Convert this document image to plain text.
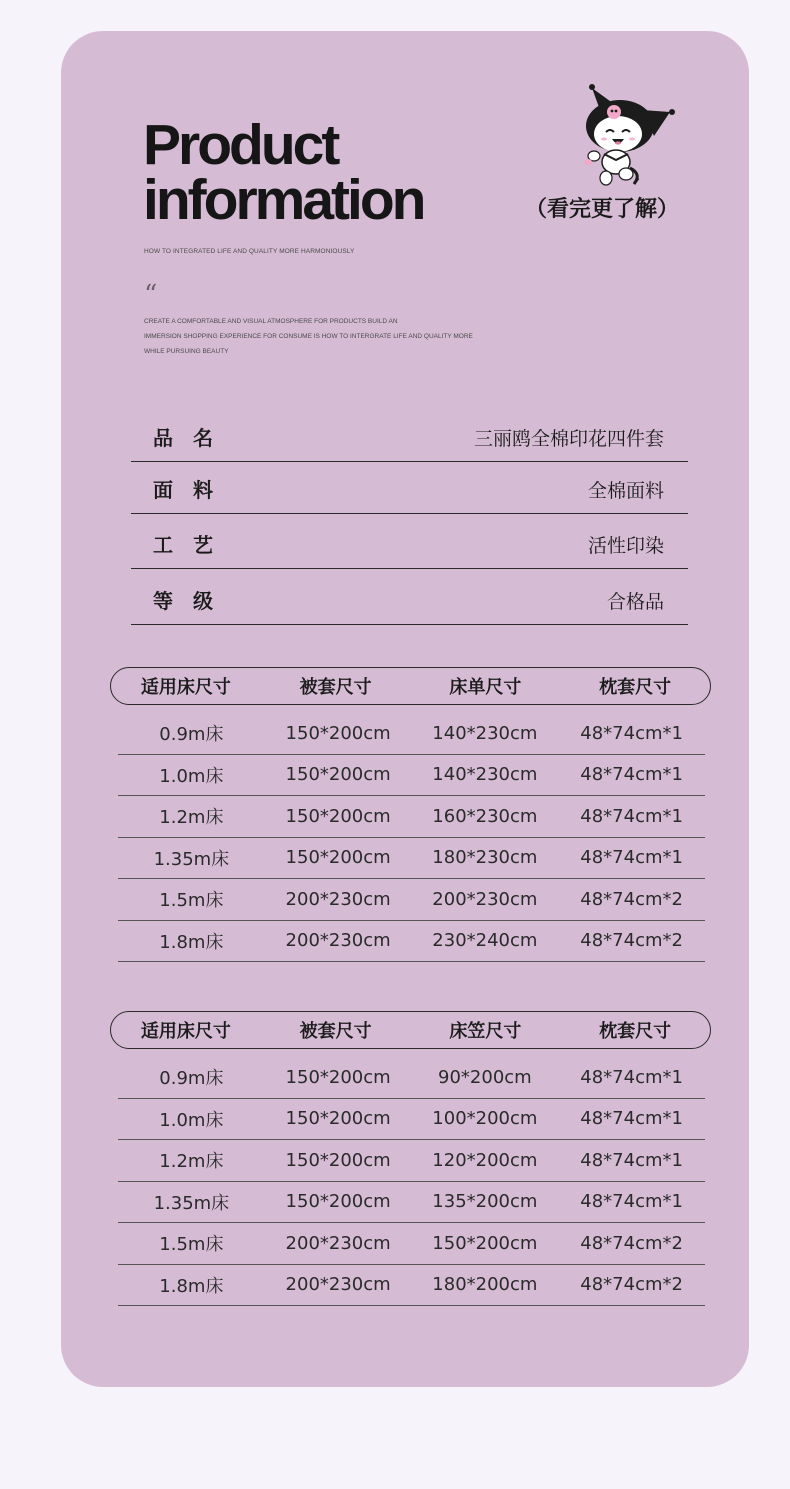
Product
information
HOW TO INTEGRATED LIFE AND QUALITY MORE HARMONIOUSLY
“
CREATE A COMFORTABLE AND VISUAL ATMOSPHERE FOR PRODUCTS BUILD AN
IMMERSION SHOPPING EXPERIENCE FOR CONSUME IS HOW TO INTERGRATE LIFE AND QUALITY MORE
WHILE PURSUING BEAUTY
（看完更了解）
品名	三丽鸥全棉印花四件套
面料	全棉面料
工艺	活性印染
等级	合格品
适用床尺寸	被套尺寸	床单尺寸	枕套尺寸
0.9m床	150*200cm	140*230cm	48*74cm*1
1.0m床	150*200cm	140*230cm	48*74cm*1
1.2m床	150*200cm	160*230cm	48*74cm*1
1.35m床	150*200cm	180*230cm	48*74cm*1
1.5m床	200*230cm	200*230cm	48*74cm*2
1.8m床	200*230cm	230*240cm	48*74cm*2
适用床尺寸	被套尺寸	床笠尺寸	枕套尺寸
0.9m床	150*200cm	90*200cm	48*74cm*1
1.0m床	150*200cm	100*200cm	48*74cm*1
1.2m床	150*200cm	120*200cm	48*74cm*1
1.35m床	150*200cm	135*200cm	48*74cm*1
1.5m床	200*230cm	150*200cm	48*74cm*2
1.8m床	200*230cm	180*200cm	48*74cm*2
